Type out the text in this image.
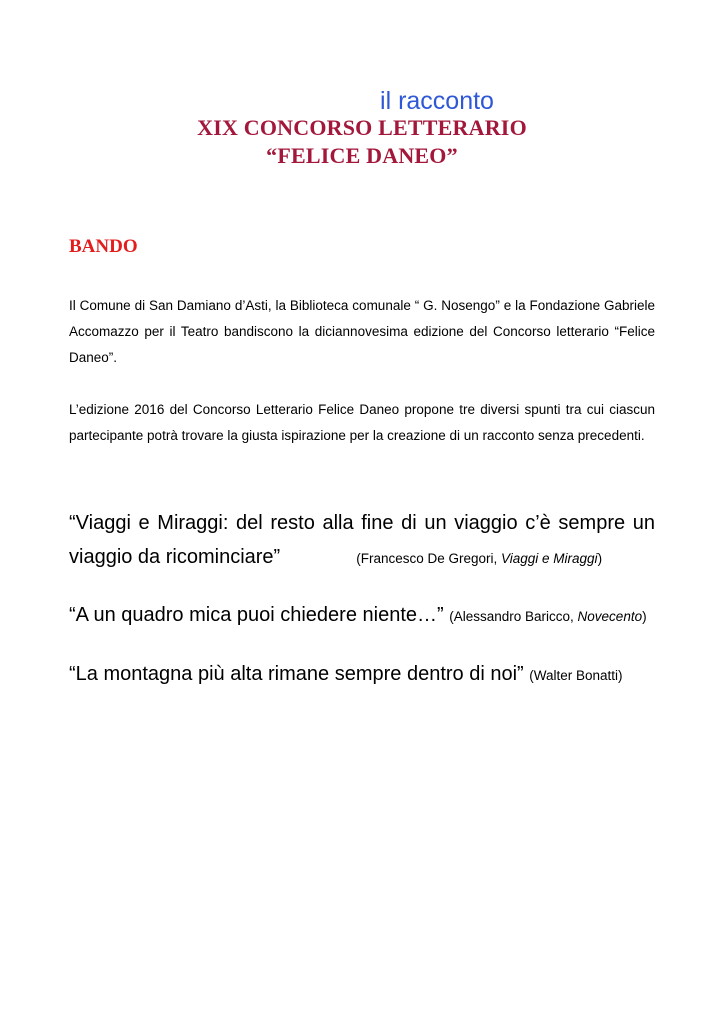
il racconto
XIX CONCORSO LETTERARIO
“FELICE DANEO”
BANDO
Il Comune di San Damiano d’Asti, la Biblioteca comunale “ G. Nosengo” e la Fondazione Gabriele Accomazzo per il Teatro bandiscono la diciannovesima edizione del Concorso letterario “Felice Daneo”.
L’edizione 2016 del Concorso Letterario Felice Daneo propone tre diversi spunti tra cui ciascun partecipante potrà trovare la giusta ispirazione per la creazione di un racconto senza precedenti.
“Viaggi e Miraggi: del resto alla fine di un viaggio c’è sempre un viaggio da ricominciare”	(Francesco De Gregori, Viaggi e Miraggi)
“A un quadro mica puoi chiedere niente…” (Alessandro Baricco, Novecento)
“La montagna più alta rimane sempre dentro di noi” (Walter Bonatti)
